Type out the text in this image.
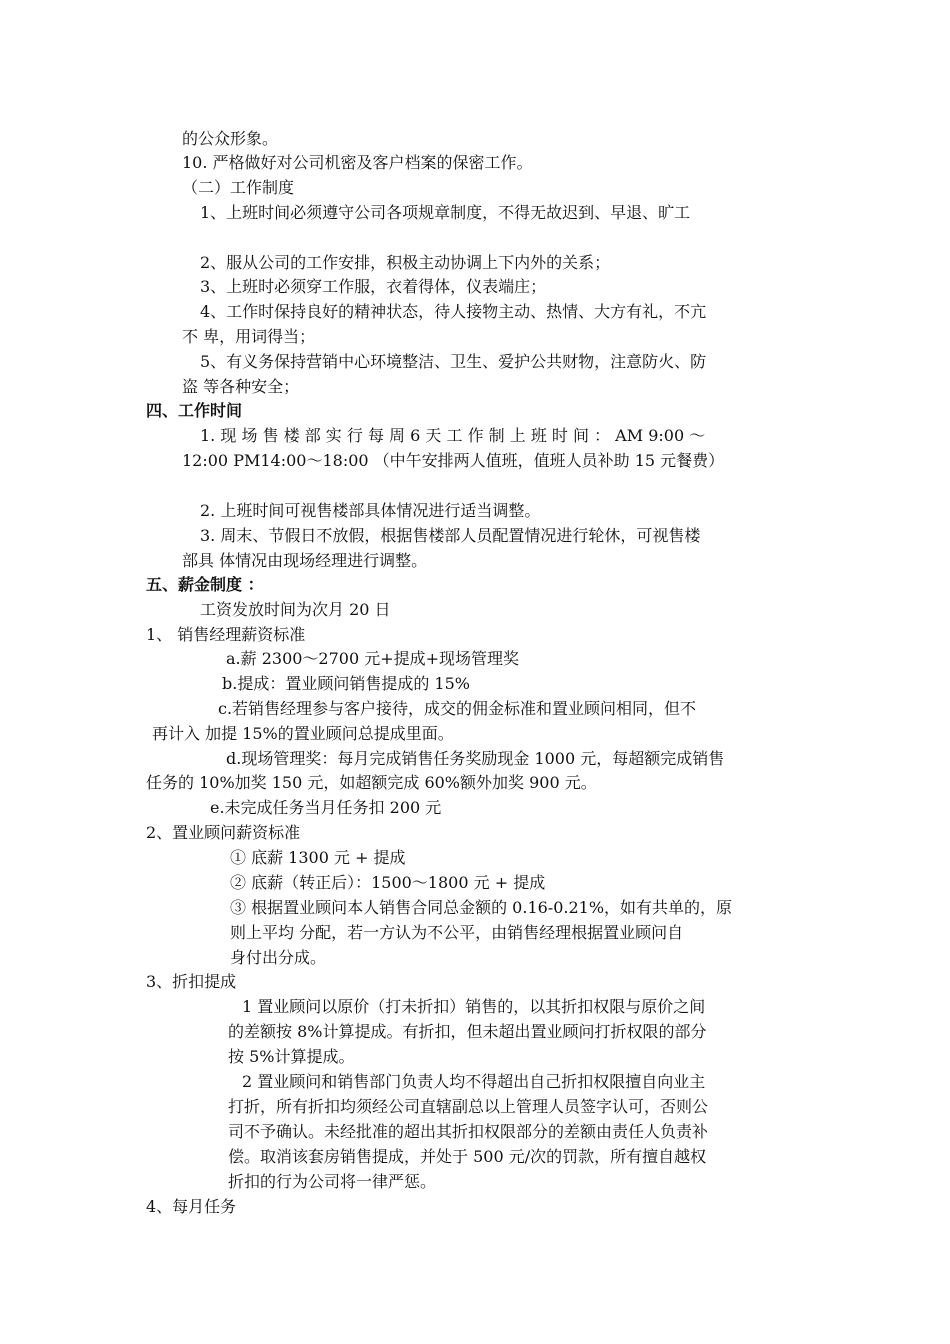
的公众形象。
10. 严格做好对公司机密及客户档案的保密工作。
（二）工作制度
1、上班时间必须遵守公司各项规章制度，不得无故迟到、早退、旷工
2、服从公司的工作安排，积极主动协调上下内外的关系；
3、上班时必须穿工作服，衣着得体，仪表端庄；
4、工作时保持良好的精神状态，待人接物主动、热情、大方有礼，不亢
不 卑，用词得当；
5、有义务保持营销中心环境整洁、卫生、爱护公共财物，注意防火、防
盗 等各种安全；
四、工作时间
1. 现 场 售 楼 部 实 行 每 周 6 天 工 作 制 上 班 时 间 ： AM 9:00 ～
12:00 PM14:00～18:00 （中午安排两人值班，值班人员补助 15 元餐费）
2. 上班时间可视售楼部具体情况进行适当调整。
3. 周末、节假日不放假，根据售楼部人员配置情况进行轮休，可视售楼
部具 体情况由现场经理进行调整。
五、薪金制度 ：
工资发放时间为次月 20 日
1、 销售经理薪资标准
a.薪 2300～2700 元+提成+现场管理奖
b.提成：置业顾问销售提成的 15%
c.若销售经理参与客户接待，成交的佣金标准和置业顾问相同，但不
再计入 加提 15%的置业顾问总提成里面。
d.现场管理奖：每月完成销售任务奖励现金 1000 元，每超额完成销售
任务的 10%加奖 150 元，如超额完成 60%额外加奖 900 元。
e.未完成任务当月任务扣 200 元
2、置业顾问薪资标准
① 底薪 1300 元 + 提成
② 底薪（转正后）：1500～1800 元 + 提成
③ 根据置业顾问本人销售合同总金额的 0.16-0.21%，如有共单的，原
则上平均 分配，若一方认为不公平，由销售经理根据置业顾问自
身付出分成。
3、折扣提成
1 置业顾问以原价（打未折扣）销售的，以其折扣权限与原价之间
的差额按 8%计算提成。有折扣，但未超出置业顾问打折权限的部分
按 5%计算提成。
2 置业顾问和销售部门负责人均不得超出自己折扣权限擅自向业主
打折，所有折扣均须经公司直辖副总以上管理人员签字认可，否则公
司不予确认。未经批准的超出其折扣权限部分的差额由责任人负责补
偿。取消该套房销售提成，并处于 500 元/次的罚款，所有擅自越权
折扣的行为公司将一律严惩。
4、每月任务
